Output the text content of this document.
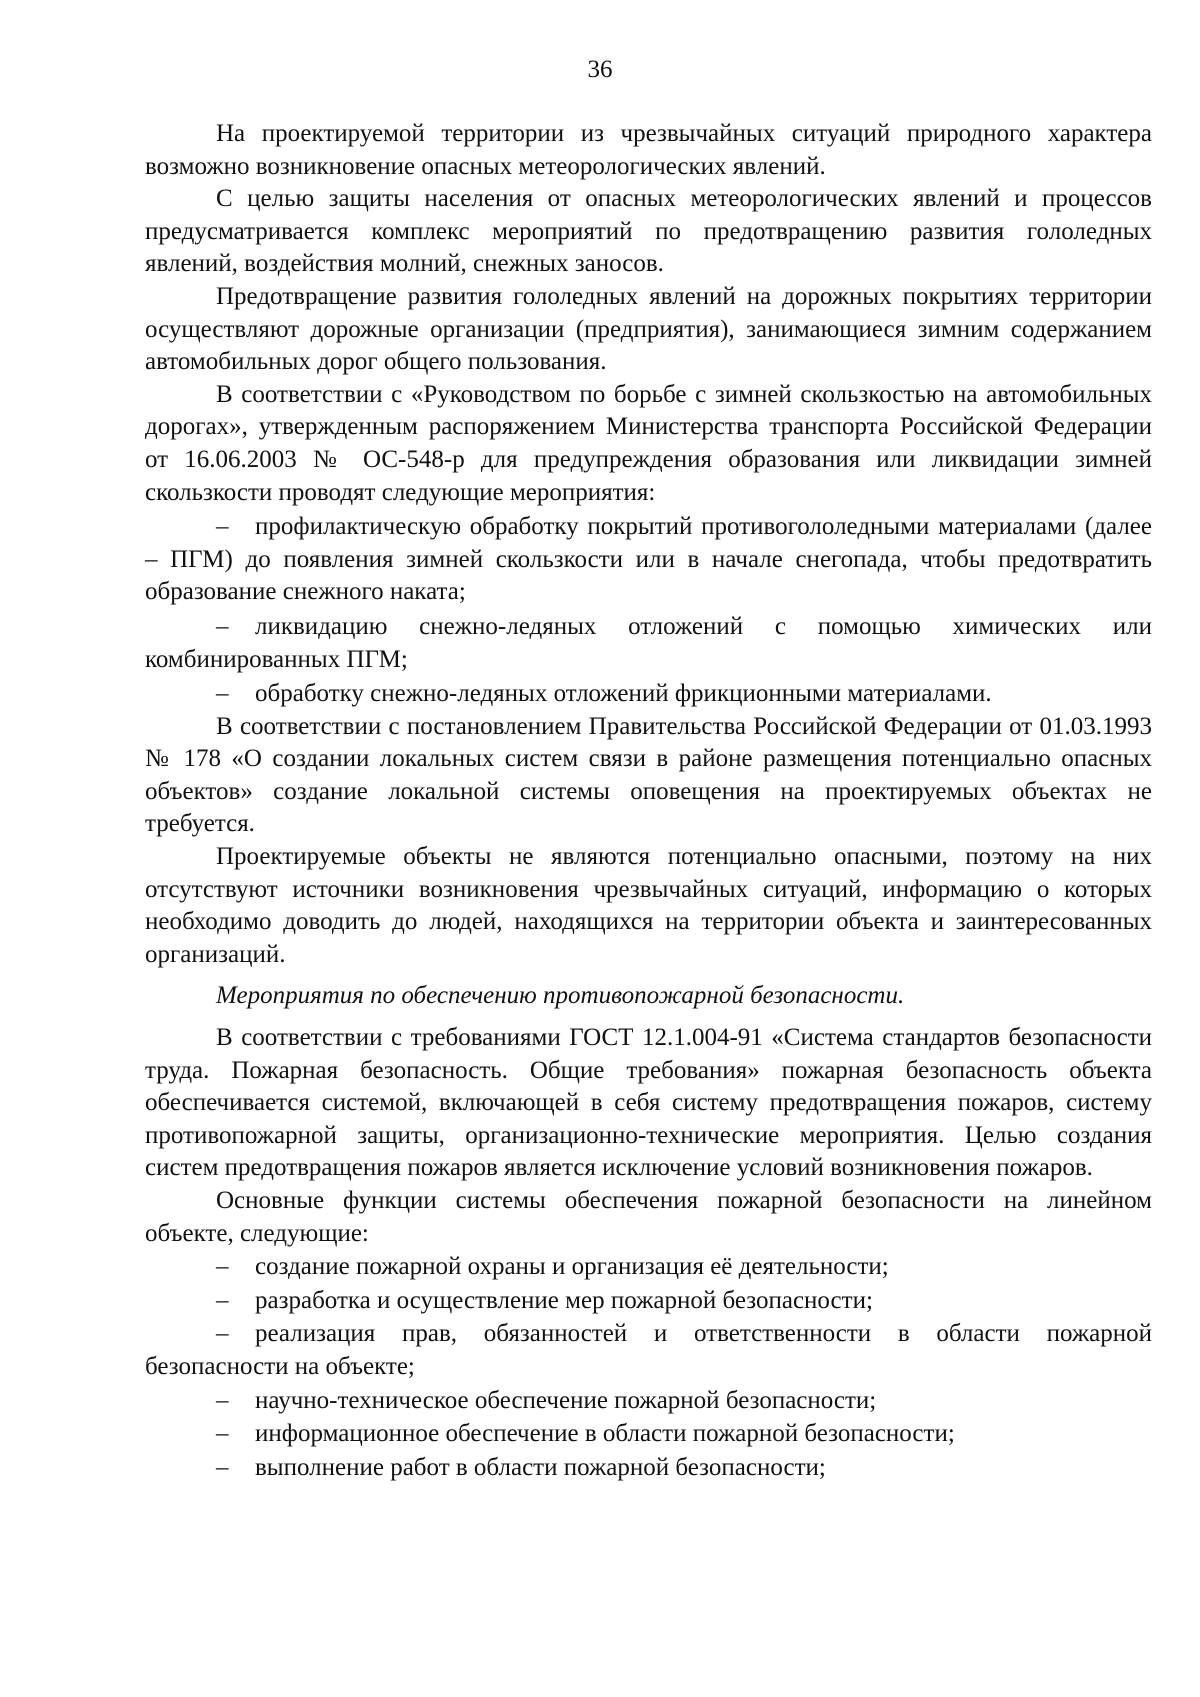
36

На проектируемой территории из чрезвычайных ситуаций природного характера возможно возникновение опасных метеорологических явлений.

С целью защиты населения от опасных метеорологических явлений и процессов предусматривается комплекс мероприятий по предотвращению развития гололедных явлений, воздействия молний, снежных заносов.

Предотвращение развития гололедных явлений на дорожных покрытиях территории осуществляют дорожные организации (предприятия), занимающиеся зимним содержанием автомобильных дорог общего пользования.

В соответствии с «Руководством по борьбе с зимней скользкостью на автомобильных дорогах», утвержденным распоряжением Министерства транспорта Российской Федерации от 16.06.2003 № ОС-548-р для предупреждения образования или ликвидации зимней скользкости проводят следующие мероприятия:

– профилактическую обработку покрытий противогололедными материалами (далее – ПГМ) до появления зимней скользкости или в начале снегопада, чтобы предотвратить образование снежного наката;

– ликвидацию снежно-ледяных отложений с помощью химических или комбинированных ПГМ;

– обработку снежно-ледяных отложений фрикционными материалами.

В соответствии с постановлением Правительства Российской Федерации от 01.03.1993 № 178 «О создании локальных систем связи в районе размещения потенциально опасных объектов» создание локальной системы оповещения на проектируемых объектах не требуется.

Проектируемые объекты не являются потенциально опасными, поэтому на них отсутствуют источники возникновения чрезвычайных ситуаций, информацию о которых необходимо доводить до людей, находящихся на территории объекта и заинтересованных организаций.

Мероприятия по обеспечению противопожарной безопасности.

В соответствии с требованиями ГОСТ 12.1.004-91 «Система стандартов безопасности труда. Пожарная безопасность. Общие требования» пожарная безопасность объекта обеспечивается системой, включающей в себя систему предотвращения пожаров, систему противопожарной защиты, организационно-технические мероприятия. Целью создания систем предотвращения пожаров является исключение условий возникновения пожаров.

Основные функции системы обеспечения пожарной безопасности на линейном объекте, следующие:

– создание пожарной охраны и организация её деятельности;

– разработка и осуществление мер пожарной безопасности;

– реализация прав, обязанностей и ответственности в области пожарной безопасности на объекте;

– научно-техническое обеспечение пожарной безопасности;

– информационное обеспечение в области пожарной безопасности;

– выполнение работ в области пожарной безопасности;
